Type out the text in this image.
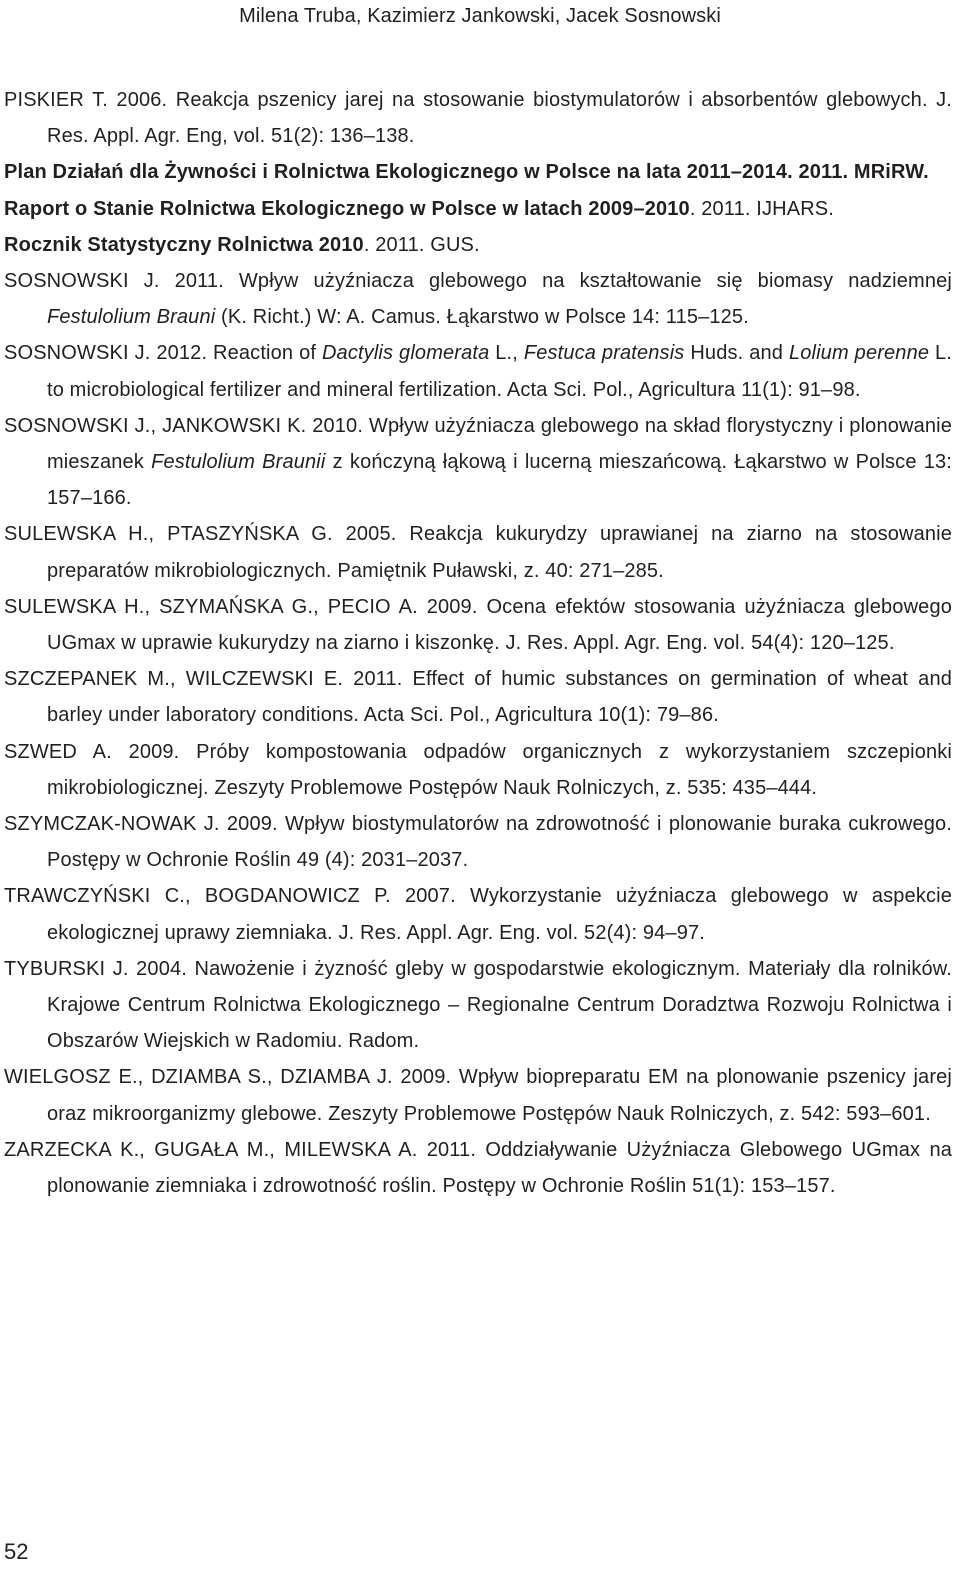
Milena Truba, Kazimierz Jankowski, Jacek Sosnowski
PISKIER T. 2006. Reakcja pszenicy jarej na stosowanie biostymulatorów i absorbentów glebowych. J. Res. Appl. Agr. Eng, vol. 51(2): 136–138.
Plan Działań dla Żywności i Rolnictwa Ekologicznego w Polsce na lata 2011–2014. 2011. MRiRW.
Raport o Stanie Rolnictwa Ekologicznego w Polsce w latach 2009–2010. 2011. IJHARS.
Rocznik Statystyczny Rolnictwa 2010. 2011. GUS.
SOSNOWSKI J. 2011. Wpływ użyźniacza glebowego na kształtowanie się biomasy nadziemnej Festulolium Brauni (K. Richt.) W: A. Camus. Łąkarstwo w Polsce 14: 115–125.
SOSNOWSKI J. 2012. Reaction of Dactylis glomerata L., Festuca pratensis Huds. and Lolium perenne L. to microbiological fertilizer and mineral fertilization. Acta Sci. Pol., Agricultura 11(1): 91–98.
SOSNOWSKI J., JANKOWSKI K. 2010. Wpływ użyźniacza glebowego na skład florystyczny i plonowanie mieszanek Festulolium Braunii z kończyną łąkową i lucerną mieszańcową. Łąkarstwo w Polsce 13: 157–166.
SULEWSKA H., PTASZYŃSKA G. 2005. Reakcja kukurydzy uprawianej na ziarno na stosowanie preparatów mikrobiologicznych. Pamiętnik Puławski, z. 40: 271–285.
SULEWSKA H., SZYMAŃSKA G., PECIO A. 2009. Ocena efektów stosowania użyźniacza glebowego UGmax w uprawie kukurydzy na ziarno i kiszonkę. J. Res. Appl. Agr. Eng. vol. 54(4): 120–125.
SZCZEPANEK M., WILCZEWSKI E. 2011. Effect of humic substances on germination of wheat and barley under laboratory conditions. Acta Sci. Pol., Agricultura 10(1): 79–86.
SZWED A. 2009. Próby kompostowania odpadów organicznych z wykorzystaniem szczepionki mikrobiologicznej. Zeszyty Problemowe Postępów Nauk Rolniczych, z. 535: 435–444.
SZYMCZAK-NOWAK J. 2009. Wpływ biostymulatorów na zdrowotność i plonowanie buraka cukrowego. Postępy w Ochronie Roślin 49 (4): 2031–2037.
TRAWCZYŃSKI C., BOGDANOWICZ P. 2007. Wykorzystanie użyźniacza glebowego w aspekcie ekologicznej uprawy ziemniaka. J. Res. Appl. Agr. Eng. vol. 52(4): 94–97.
TYBURSKI J. 2004. Nawożenie i żyzność gleby w gospodarstwie ekologicznym. Materiały dla rolników. Krajowe Centrum Rolnictwa Ekologicznego – Regionalne Centrum Doradztwa Rozwoju Rolnictwa i Obszarów Wiejskich w Radomiu. Radom.
WIELGOSZ E., DZIAMBA S., DZIAMBA J. 2009. Wpływ biopreparatu EM na plonowanie pszenicy jarej oraz mikroorganizmy glebowe. Zeszyty Problemowe Postępów Nauk Rolniczych, z. 542: 593–601.
ZARZECKA K., GUGAŁA M., MILEWSKA A. 2011. Oddziaływanie Użyźniacza Glebowego UGmax na plonowanie ziemniaka i zdrowotność roślin. Postępy w Ochronie Roślin 51(1): 153–157.
52
